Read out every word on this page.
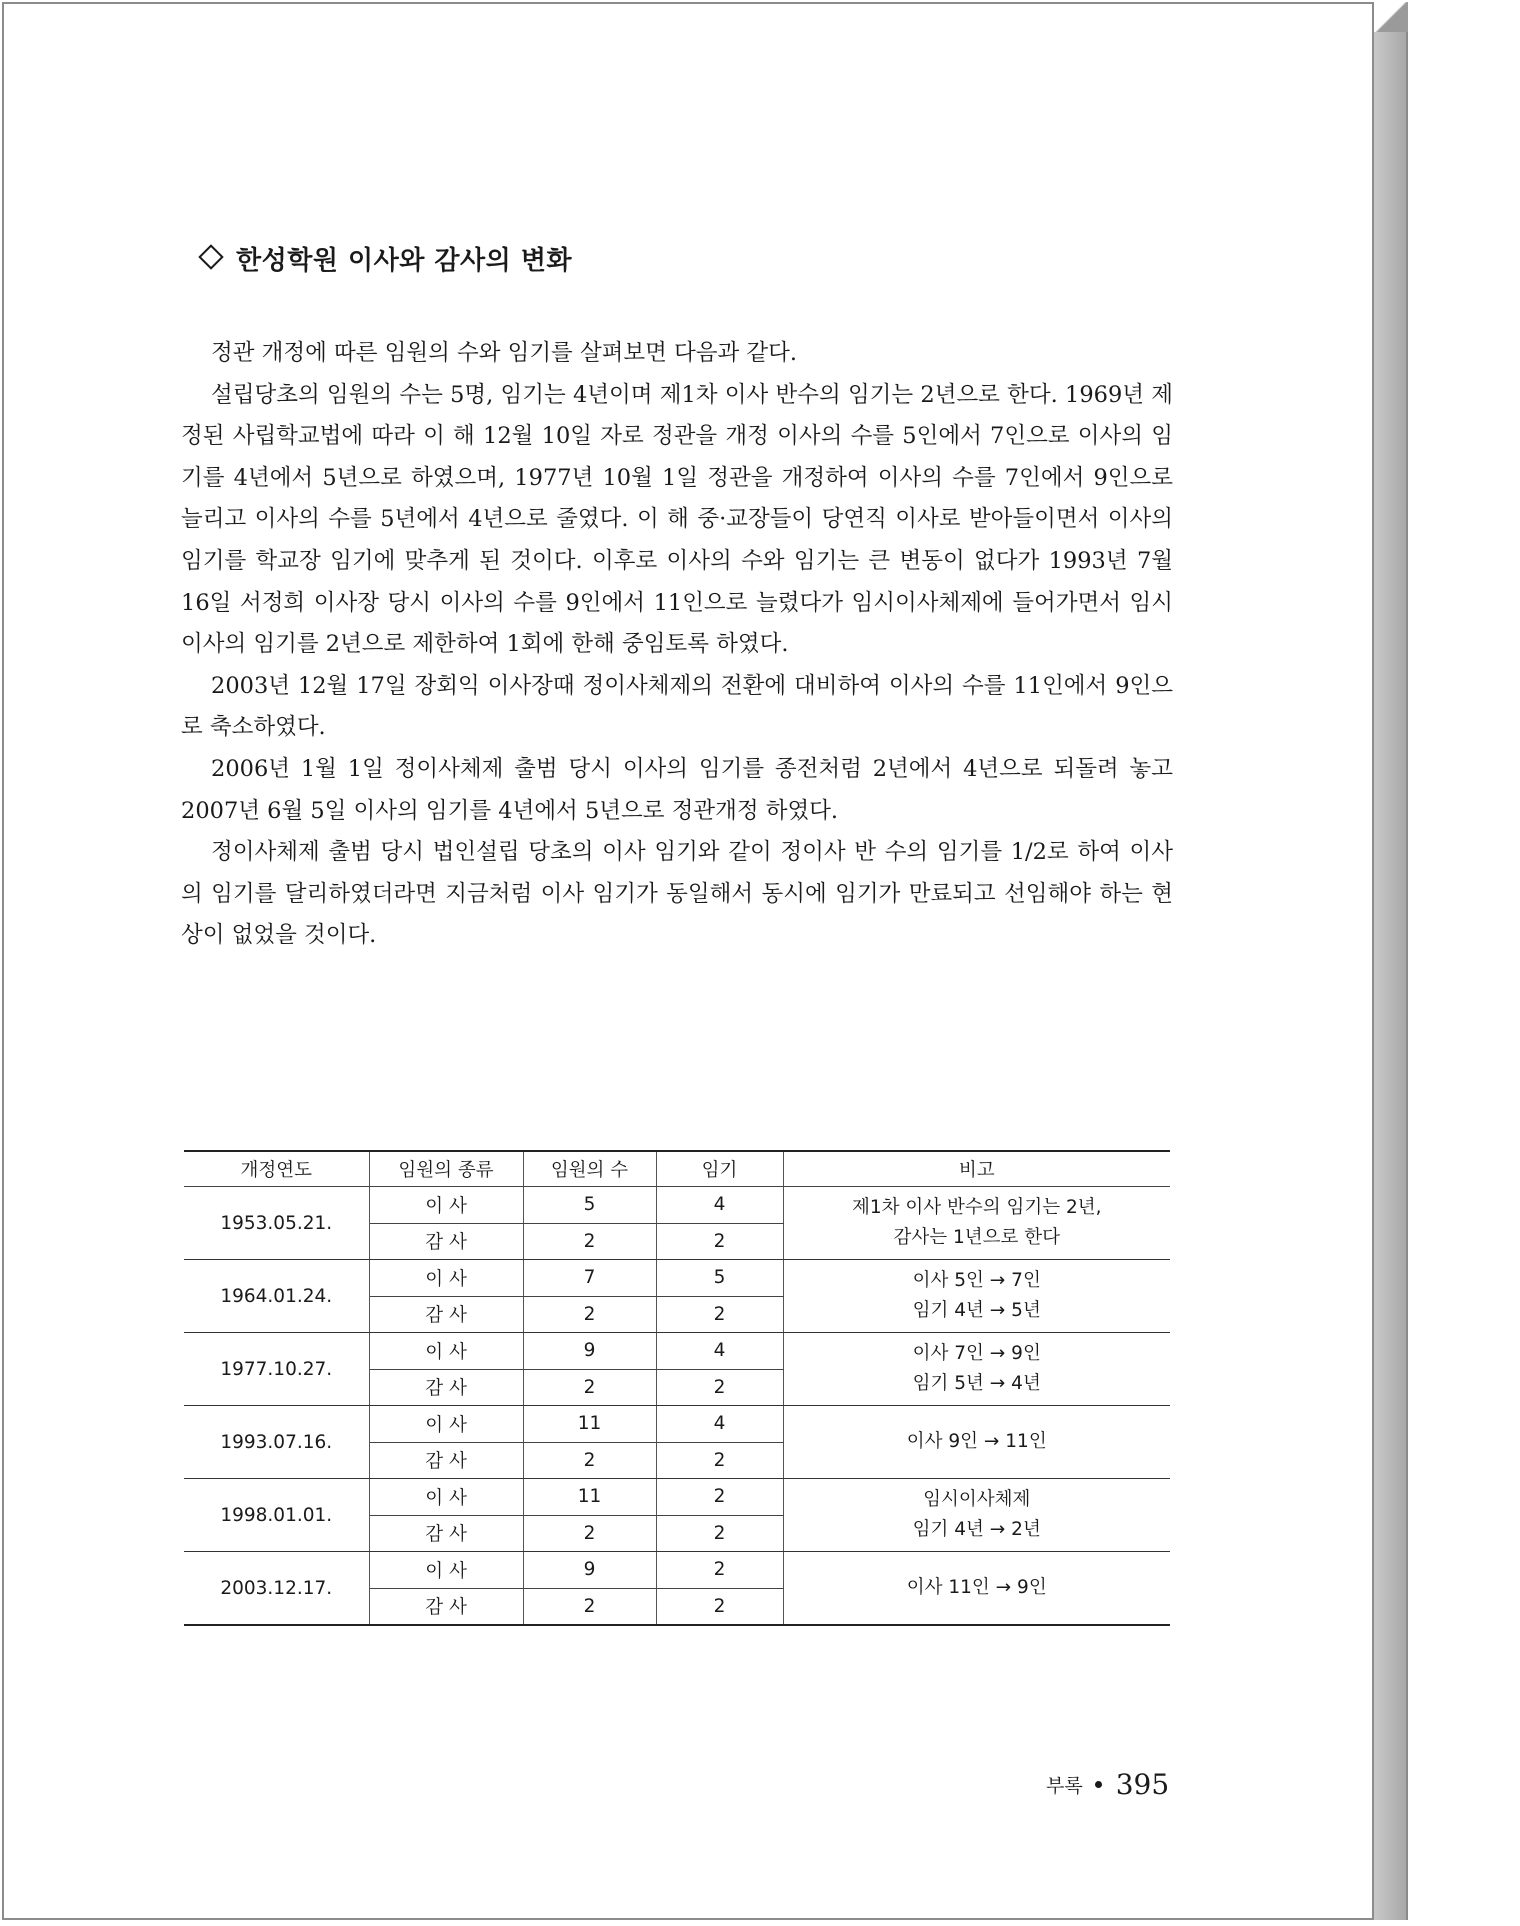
한성학원 이사와 감사의 변화

정관 개정에 따른 임원의 수와 임기를 살펴보면 다음과 같다.

설립당초의 임원의 수는 5명, 임기는 4년이며 제1차 이사 반수의 임기는 2년으로 한다. 1969년 제정된 사립학교법에 따라 이 해 12월 10일 자로 정관을 개정 이사의 수를 5인에서 7인으로 이사의 임기를 4년에서 5년으로 하였으며, 1977년 10월 1일 정관을 개정하여 이사의 수를 7인에서 9인으로 늘리고 이사의 수를 5년에서 4년으로 줄였다. 이 해 중·교장들이 당연직 이사로 받아들이면서 이사의 임기를 학교장 임기에 맞추게 된 것이다. 이후로 이사의 수와 임기는 큰 변동이 없다가 1993년 7월 16일 서정희 이사장 당시 이사의 수를 9인에서 11인으로 늘렸다가 임시이사체제에 들어가면서 임시이사의 임기를 2년으로 제한하여 1회에 한해 중임토록 하였다.

2003년 12월 17일 장회익 이사장때 정이사체제의 전환에 대비하여 이사의 수를 11인에서 9인으로 축소하였다.

2006년 1월 1일 정이사체제 출범 당시 이사의 임기를 종전처럼 2년에서 4년으로 되돌려 놓고 2007년 6월 5일 이사의 임기를 4년에서 5년으로 정관개정 하였다.

정이사체제 출범 당시 법인설립 당초의 이사 임기와 같이 정이사 반 수의 임기를 1/2로 하여 이사의 임기를 달리하였더라면 지금처럼 이사 임기가 동일해서 동시에 임기가 만료되고 선임해야 하는 현상이 없었을 것이다.

개정연도	임원의 종류	임원의 수	임기	비고
1953.05.21.	이 사	5	4	제1차 이사 반수의 임기는 2년,
감사는 1년으로 한다

	감 사	2	2	
1964.01.24.	이 사	7	5	이사 5인 → 7인
임기 4년 → 5년

	감 사	2	2	
1977.10.27.	이 사	9	4	이사 7인 → 9인
임기 5년 → 4년

	감 사	2	2	
1993.07.16.	이 사	11	4	이사 9인 → 11인

	감 사	2	2	
1998.01.01.	이 사	11	2	임시이사체제
임기 4년 → 2년

	감 사	2	2	
2003.12.17.	이 사	9	2	이사 11인 → 9인

	감 사	2	2	
부록 395
